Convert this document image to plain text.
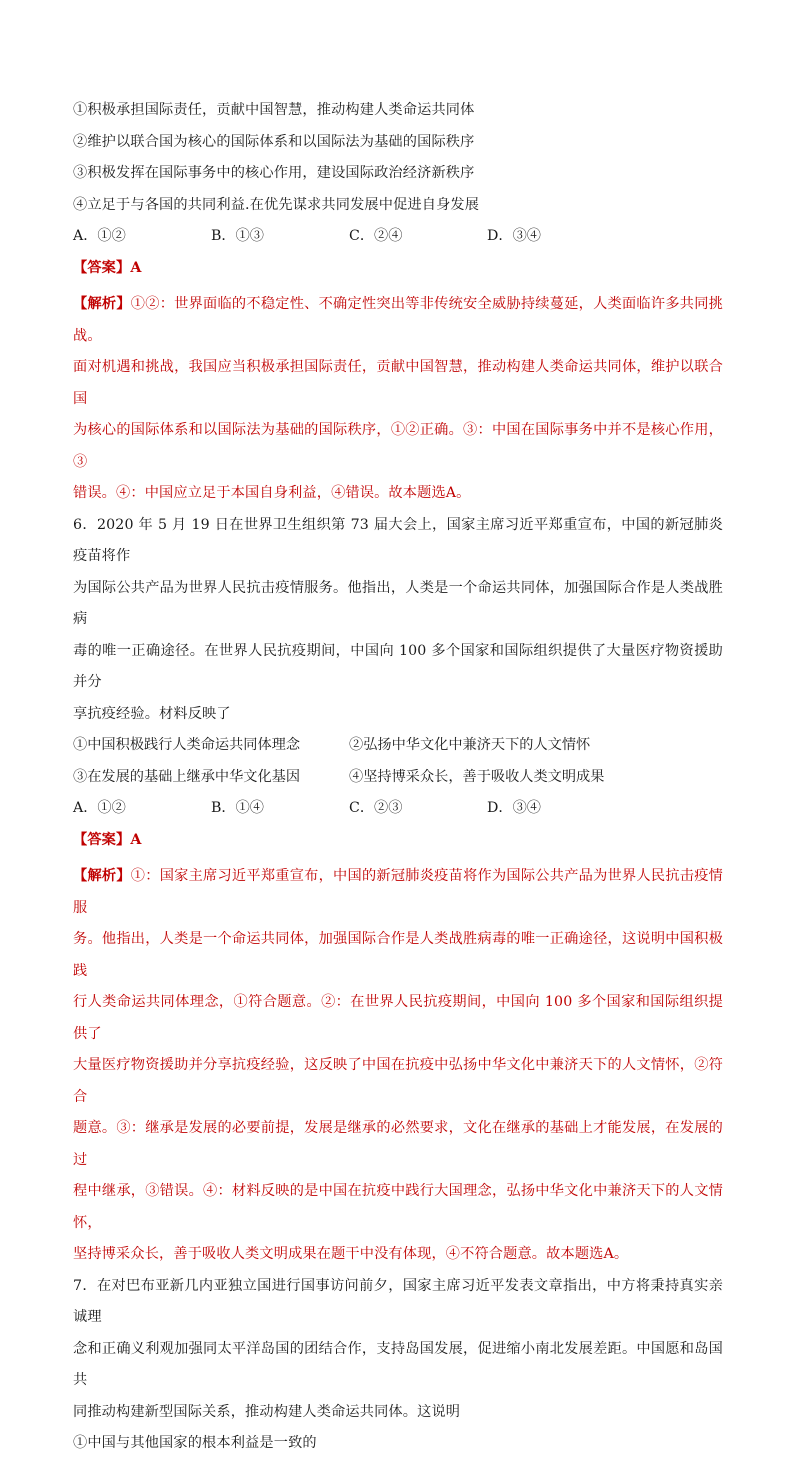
①积极承担国际责任，贡献中国智慧，推动构建人类命运共同体
②维护以联合国为核心的国际体系和以国际法为基础的国际秩序
③积极发挥在国际事务中的核心作用，建设国际政治经济新秩序
④立足于与各国的共同利益.在优先谋求共同发展中促进自身发展
A．①②	B．①③	C．②④	D．③④
【答案】A
【解析】①②：世界面临的不稳定性、不确定性突出等非传统安全威胁持续蔓延，人类面临许多共同挑战。
面对机遇和挑战，我国应当积极承担国际责任，贡献中国智慧，推动构建人类命运共同体，维护以联合国
为核心的国际体系和以国际法为基础的国际秩序，①②正确。③：中国在国际事务中并不是核心作用，③
错误。④：中国应立足于本国自身利益，④错误。故本题选A。
6．2020 年 5 月 19 日在世界卫生组织第 73 届大会上，国家主席习近平郑重宣布，中国的新冠肺炎疫苗将作
为国际公共产品为世界人民抗击疫情服务。他指出，人类是一个命运共同体，加强国际合作是人类战胜病
毒的唯一正确途径。在世界人民抗疫期间，中国向 100 多个国家和国际组织提供了大量医疗物资援助并分
享抗疫经验。材料反映了
①中国积极践行人类命运共同体理念	②弘扬中华文化中兼济天下的人文情怀
③在发展的基础上继承中华文化基因	④坚持博采众长，善于吸收人类文明成果
A．①②	B．①④	C．②③	D．③④
【答案】A
【解析】①：国家主席习近平郑重宣布，中国的新冠肺炎疫苗将作为国际公共产品为世界人民抗击疫情服
务。他指出，人类是一个命运共同体，加强国际合作是人类战胜病毒的唯一正确途径，这说明中国积极践
行人类命运共同体理念，①符合题意。②：在世界人民抗疫期间，中国向 100 多个国家和国际组织提供了
大量医疗物资援助并分享抗疫经验，这反映了中国在抗疫中弘扬中华文化中兼济天下的人文情怀，②符合
题意。③：继承是发展的必要前提，发展是继承的必然要求，文化在继承的基础上才能发展，在发展的过
程中继承，③错误。④：材料反映的是中国在抗疫中践行大国理念，弘扬中华文化中兼济天下的人文情怀，
坚持博采众长，善于吸收人类文明成果在题干中没有体现，④不符合题意。故本题选A。
7．在对巴布亚新几内亚独立国进行国事访问前夕，国家主席习近平发表文章指出，中方将秉持真实亲诚理
念和正确义利观加强同太平洋岛国的团结合作，支持岛国发展，促进缩小南北发展差距。中国愿和岛国共
同推动构建新型国际关系，推动构建人类命运共同体。这说明
①中国与其他国家的根本利益是一致的
